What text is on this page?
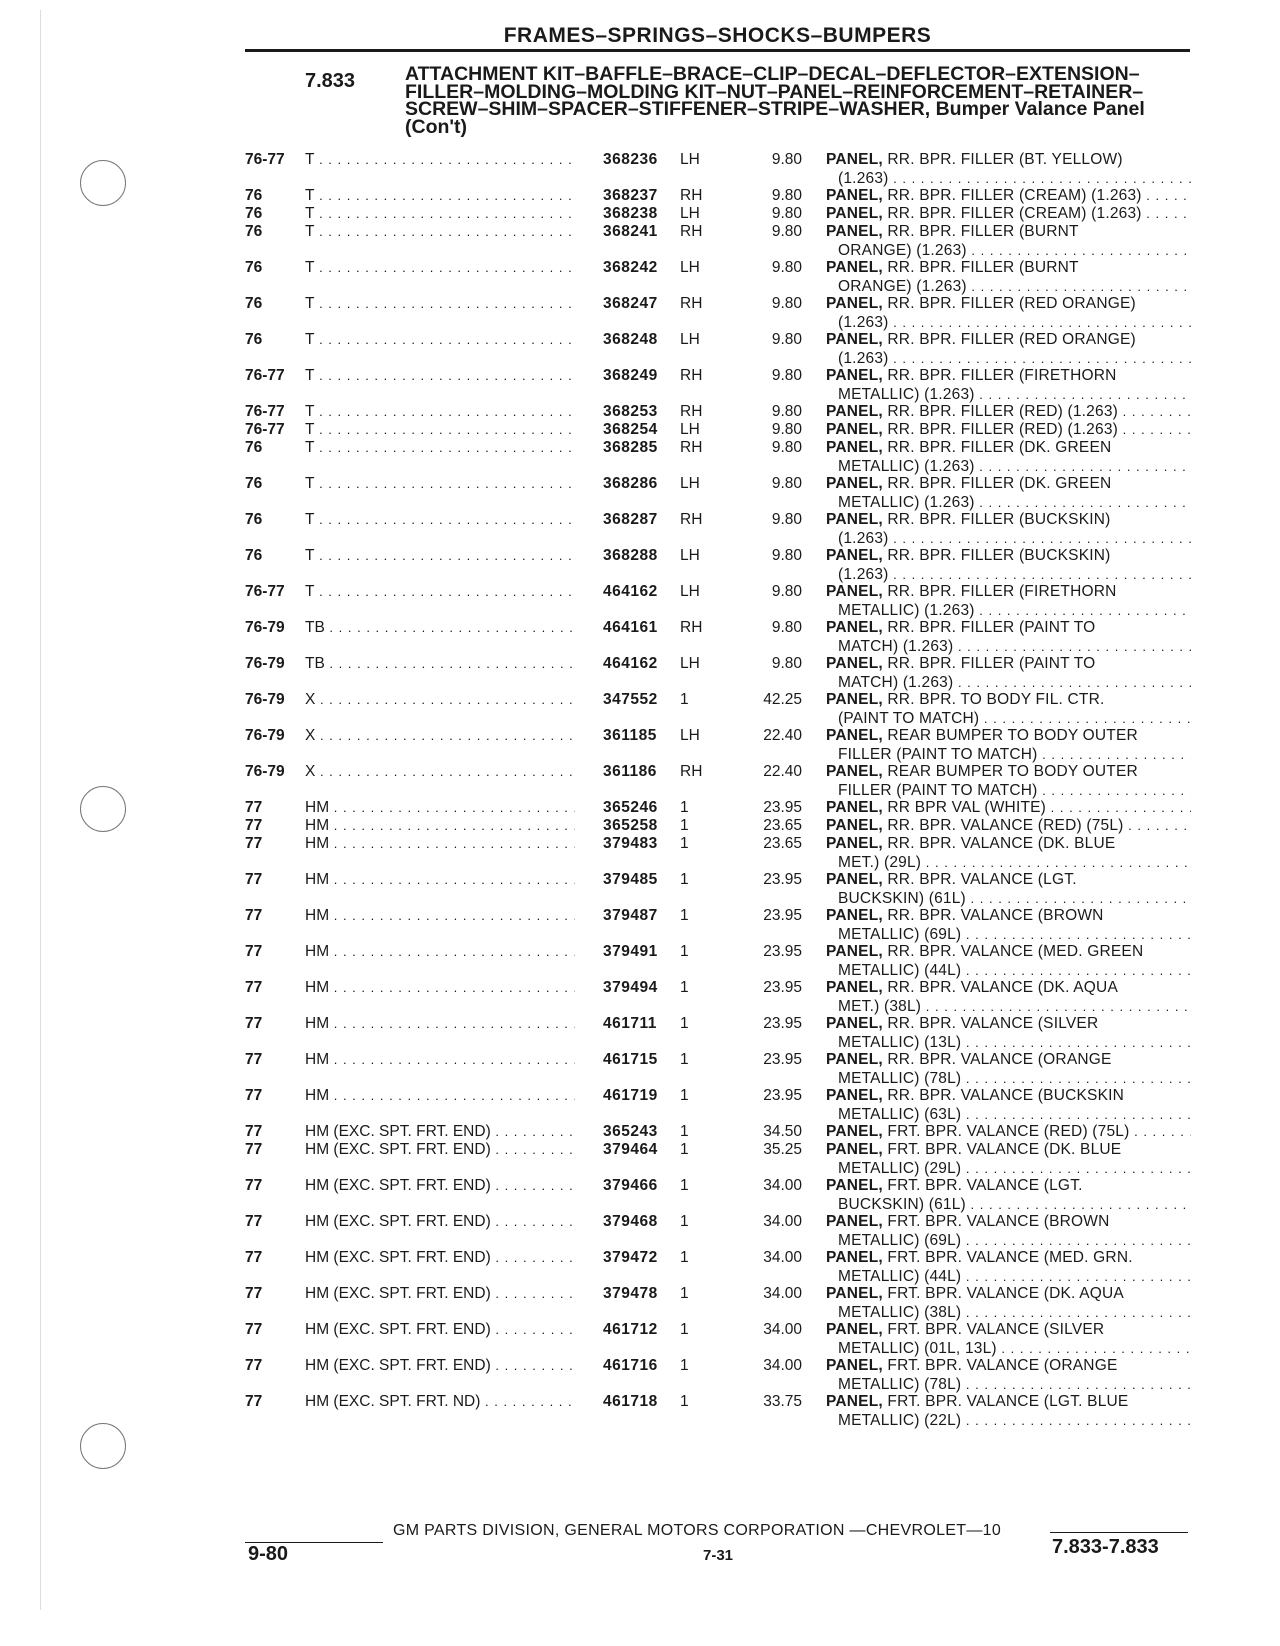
FRAMES–SPRINGS–SHOCKS–BUMPERS
7.833	ATTACHMENT KIT–BAFFLE–BRACE–CLIP–DECAL–DEFLECTOR–EXTENSION–FILLER–MOLDING–MOLDING KIT–NUT–PANEL–REINFORCEMENT–RETAINER–SCREW–SHIM–SPACER–STIFFENER–STRIPE–WASHER, Bumper Valance Panel (Con't)
76-77 T . . .	368236 LH	9.80 PANEL, RR. BPR. FILLER (BT. YELLOW)
(1.263) . . .
76	T . . .	368237 RH	9.80 PANEL, RR. BPR. FILLER (CREAM) (1.263) . . .
76	T . . .	368238 LH	9.80 PANEL, RR. BPR. FILLER (CREAM) (1.263) . . .
76	T . . .	368241 RH	9.80 PANEL, RR. BPR. FILLER (BURNT
ORANGE) (1.263) . . .
76	T . . .	368242 LH	9.80 PANEL, RR. BPR. FILLER (BURNT
ORANGE) (1.263) . . .
76	T . . .	368247 RH	9.80 PANEL, RR. BPR. FILLER (RED ORANGE)
(1.263) . . .
76	T . . .	368248 LH	9.80 PANEL, RR. BPR. FILLER (RED ORANGE)
(1.263) . . .
76-77 T . . .	368249 RH	9.80 PANEL, RR. BPR. FILLER (FIRETHORN
METALLIC) (1.263) . . .
76-77 T . . .	368253 RH	9.80 PANEL, RR. BPR. FILLER (RED) (1.263) . . .
76-77 T . . .	368254 LH	9.80 PANEL, RR. BPR. FILLER (RED) (1.263) . . .
76	T . . .	368285 RH	9.80 PANEL, RR. BPR. FILLER (DK. GREEN
METALLIC) (1.263) . . .
76	T . . .	368286 LH	9.80 PANEL, RR. BPR. FILLER (DK. GREEN
METALLIC) (1.263) . . .
76	T . . .	368287 RH	9.80 PANEL, RR. BPR. FILLER (BUCKSKIN)
(1.263) . . .
76	T . . .	368288 LH	9.80 PANEL, RR. BPR. FILLER (BUCKSKIN)
(1.263) . . .
76-77 T . . .	464162 LH	9.80 PANEL, RR. BPR. FILLER (FIRETHORN
METALLIC) (1.263) . . .
76-79 TB . . .	464161 RH	9.80 PANEL, RR. BPR. FILLER (PAINT TO
MATCH) (1.263) . . .
76-79 TB . . .	464162 LH	9.80 PANEL, RR. BPR. FILLER (PAINT TO
MATCH) (1.263) . . .
76-79 X . . .	347552 1	42.25 PANEL, RR. BPR. TO BODY FIL. CTR.
(PAINT TO MATCH) . . .
76-79 X . . .	361185 LH	22.40 PANEL, REAR BUMPER TO BODY OUTER
FILLER (PAINT TO MATCH) . . .
76-79 X . . .	361186 RH	22.40 PANEL, REAR BUMPER TO BODY OUTER
FILLER (PAINT TO MATCH) . . .
77	HM . . .	365246 1	23.95 PANEL, RR BPR VAL (WHITE) . . .
77	HM . . .	365258 1	23.65 PANEL, RR. BPR. VALANCE (RED) (75L) . . .
77	HM . . .	379483 1	23.65 PANEL, RR. BPR. VALANCE (DK. BLUE
MET.) (29L) . . .
77	HM . . .	379485 1	23.95 PANEL, RR. BPR. VALANCE (LGT.
BUCKSKIN) (61L) . . .
77	HM . . .	379487 1	23.95 PANEL, RR. BPR. VALANCE (BROWN
METALLIC) (69L) . . .
77	HM . . .	379491 1	23.95 PANEL, RR. BPR. VALANCE (MED. GREEN
METALLIC) (44L) . . .
77	HM . . .	379494 1	23.95 PANEL, RR. BPR. VALANCE (DK. AQUA
MET.) (38L) . . .
77	HM . . .	461711 1	23.95 PANEL, RR. BPR. VALANCE (SILVER
METALLIC) (13L) . . .
77	HM . . .	461715 1	23.95 PANEL, RR. BPR. VALANCE (ORANGE
METALLIC) (78L) . . .
77	HM . . .	461719 1	23.95 PANEL, RR. BPR. VALANCE (BUCKSKIN
METALLIC) (63L) . . .
77	HM (EXC. SPT. FRT. END) . . .	365243 1	34.50 PANEL, FRT. BPR. VALANCE (RED) (75L) . . .
77	HM (EXC. SPT. FRT. END) . . .	379464 1	35.25 PANEL, FRT. BPR. VALANCE (DK. BLUE
METALLIC) (29L) . . .
77	HM (EXC. SPT. FRT. END) . . .	379466 1	34.00 PANEL, FRT. BPR. VALANCE (LGT.
BUCKSKIN) (61L) . . .
77	HM (EXC. SPT. FRT. END) . . .	379468 1	34.00 PANEL, FRT. BPR. VALANCE (BROWN
METALLIC) (69L) . . .
77	HM (EXC. SPT. FRT. END) . . .	379472 1	34.00 PANEL, FRT. BPR. VALANCE (MED. GRN.
METALLIC) (44L) . . .
77	HM (EXC. SPT. FRT. END) . . .	379478 1	34.00 PANEL, FRT. BPR. VALANCE (DK. AQUA
METALLIC) (38L) . . .
77	HM (EXC. SPT. FRT. END) . . .	461712 1	34.00 PANEL, FRT. BPR. VALANCE (SILVER
METALLIC) (01L, 13L) . . .
77	HM (EXC. SPT. FRT. END) . . .	461716 1	34.00 PANEL, FRT. BPR. VALANCE (ORANGE
METALLIC) (78L) . . .
77	HM (EXC. SPT. FRT. ND) . . .	461718 1	33.75 PANEL, FRT. BPR. VALANCE (LGT. BLUE
METALLIC) (22L) . . .
GM PARTS DIVISION, GENERAL MOTORS CORPORATION —CHEVROLET—10
9-80	7-31	7.833-7.833
